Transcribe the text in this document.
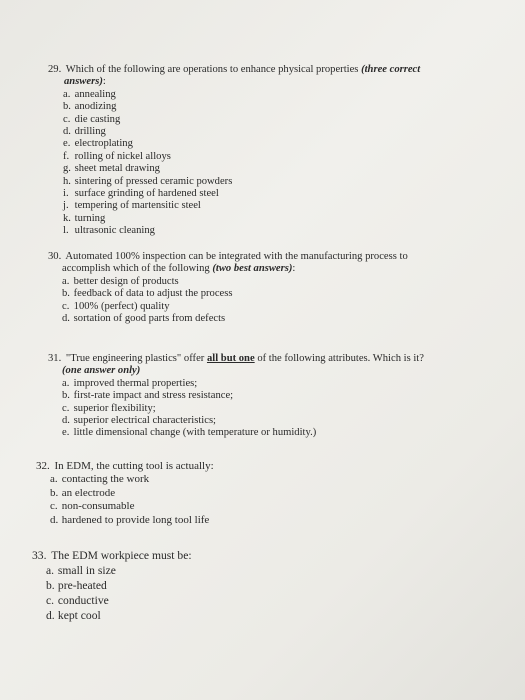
29. Which of the following are operations to enhance physical properties (three correct

answers):

a. annealing
b. anodizing
c. die casting
d. drilling
e. electroplating
f. rolling of nickel alloys
g. sheet metal drawing
h. sintering of pressed ceramic powders
i. surface grinding of hardened steel
j. tempering of martensitic steel
k. turning
l. ultrasonic cleaning

30. Automated 100% inspection can be integrated with the manufacturing process to

accomplish which of the following (two best answers):

a. better design of products
b. feedback of data to adjust the process
c. 100% (perfect) quality
d. sortation of good parts from defects

31. "True engineering plastics" offer all but one of the following attributes. Which is it?

(one answer only)

a. improved thermal properties;
b. first-rate impact and stress resistance;
c. superior flexibility;
d. superior electrical characteristics;
e. little dimensional change (with temperature or humidity.)

32. In EDM, the cutting tool is actually:

a. contacting the work
b. an electrode
c. non-consumable
d. hardened to provide long tool life

33. The EDM workpiece must be:

a. small in size
b. pre-heated
c. conductive
d. kept cool
